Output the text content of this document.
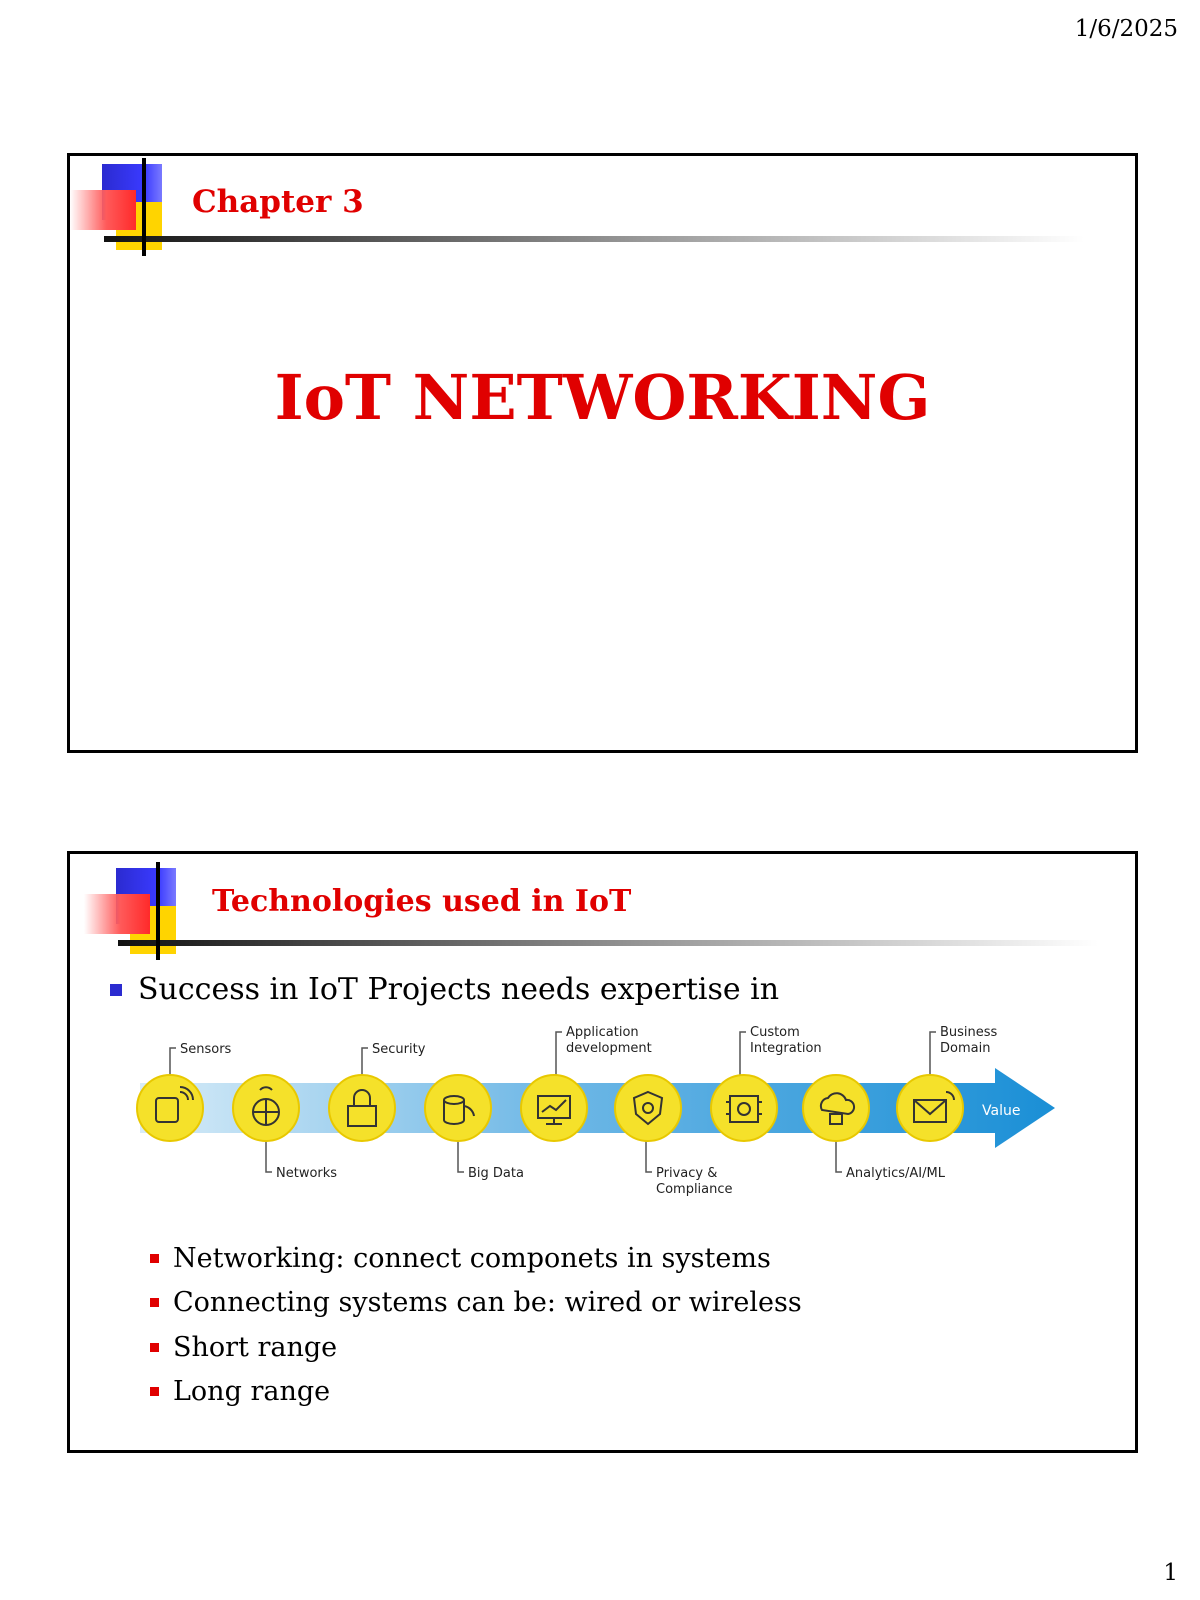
1/6/2025
Chapter 3
IoT NETWORKING
Technologies used in IoT
Success in IoT Projects needs expertise in
Value
Sensors	Security
Application
development
Custom
Integration
Business
Domain
Networks	Big Data	Privacy &
Compliance
Analytics/AI/ML
Networking: connect componets in systems
Connecting systems can be: wired or wireless
Short range
Long range
1
